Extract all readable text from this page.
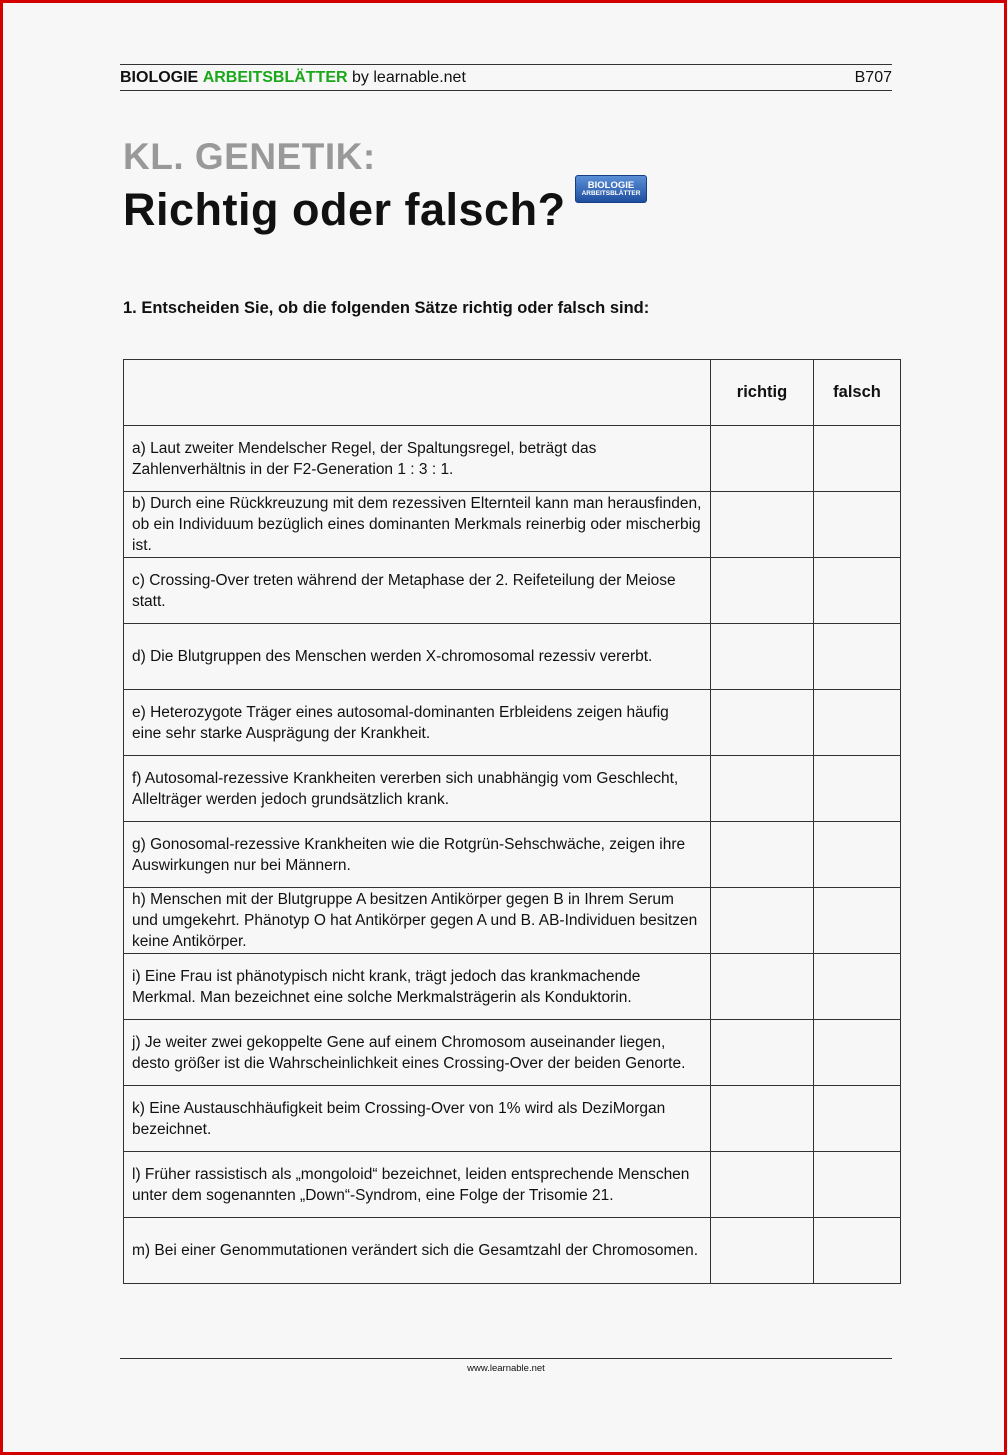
BIOLOGIE ARBEITSBLÄTTER by learnable.net	B707
KL. GENETIK:
Richtig oder falsch? BIOLOGIE
ARBEITSBLÄTTER
1. Entscheiden Sie, ob die folgenden Sätze richtig oder falsch sind:
	richtig	falsch
a) Laut zweiter Mendelscher Regel, der Spaltungsregel, beträgt das Zahlenverhältnis in der F2-Generation 1 : 3 : 1.		
b) Durch eine Rückkreuzung mit dem rezessiven Elternteil kann man herausfinden, ob ein Individuum bezüglich eines dominanten Merkmals reinerbig oder mischerbig ist.		
c) Crossing-Over treten während der Metaphase der 2. Reifeteilung der Meiose statt.		
d) Die Blutgruppen des Menschen werden X-chromosomal rezessiv vererbt.		
e) Heterozygote Träger eines autosomal-dominanten Erbleidens zeigen häufig eine sehr starke Ausprägung der Krankheit.		
f) Autosomal-rezessive Krankheiten vererben sich unabhängig vom Geschlecht, Allelträger werden jedoch grundsätzlich krank.		
g) Gonosomal-rezessive Krankheiten wie die Rotgrün-Sehschwäche, zeigen ihre Auswirkungen nur bei Männern.		
h) Menschen mit der Blutgruppe A besitzen Antikörper gegen B in Ihrem Serum und umgekehrt. Phänotyp O hat Antikörper gegen A und B. AB-Individuen besitzen keine Antikörper.		
i) Eine Frau ist phänotypisch nicht krank, trägt jedoch das krankmachende Merkmal. Man bezeichnet eine solche Merkmalsträgerin als Konduktorin.		
j) Je weiter zwei gekoppelte Gene auf einem Chromosom auseinander liegen, desto größer ist die Wahrscheinlichkeit eines Crossing-Over der beiden Genorte.		
k) Eine Austauschhäufigkeit beim Crossing-Over von 1% wird als DeziMorgan bezeichnet.		
l) Früher rassistisch als „mongoloid“ bezeichnet, leiden entsprechende Menschen unter dem sogenannten „Down“-Syndrom, eine Folge der Trisomie 21.		
m) Bei einer Genommutationen verändert sich die Gesamtzahl der Chromosomen.		
www.learnable.net
